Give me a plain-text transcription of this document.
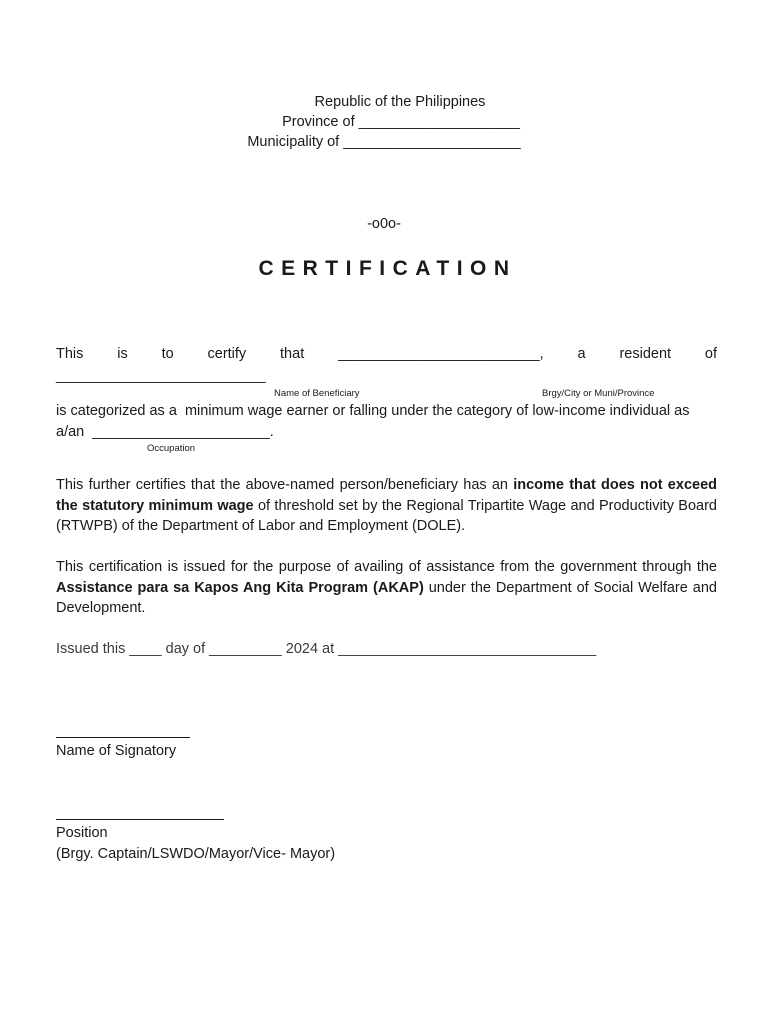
Republic of the Philippines
Province of ____________________
Municipality of ______________________
-o0o-
CERTIFICATION
This is to certify that _________________________, a resident of
__________________________
Name of Beneficiary	Brgy/City or Muni/Province
is categorized as a  minimum wage earner or falling under the category of low-income individual as
a/an  ______________________.
Occupation
This further certifies that the above-named person/beneficiary has an income that does not exceed the statutory minimum wage of threshold set by the Regional Tripartite Wage and Productivity Board (RTWPB) of the Department of Labor and Employment (DOLE).
This certification is issued for the purpose of availing of assistance from the government through the Assistance para sa Kapos Ang Kita Program (AKAP) under the Department of Social Welfare and Development.
Issued this ____ day of _________ 2024 at ________________________________
Name of Signatory
Position
(Brgy. Captain/LSWDO/Mayor/Vice- Mayor)
